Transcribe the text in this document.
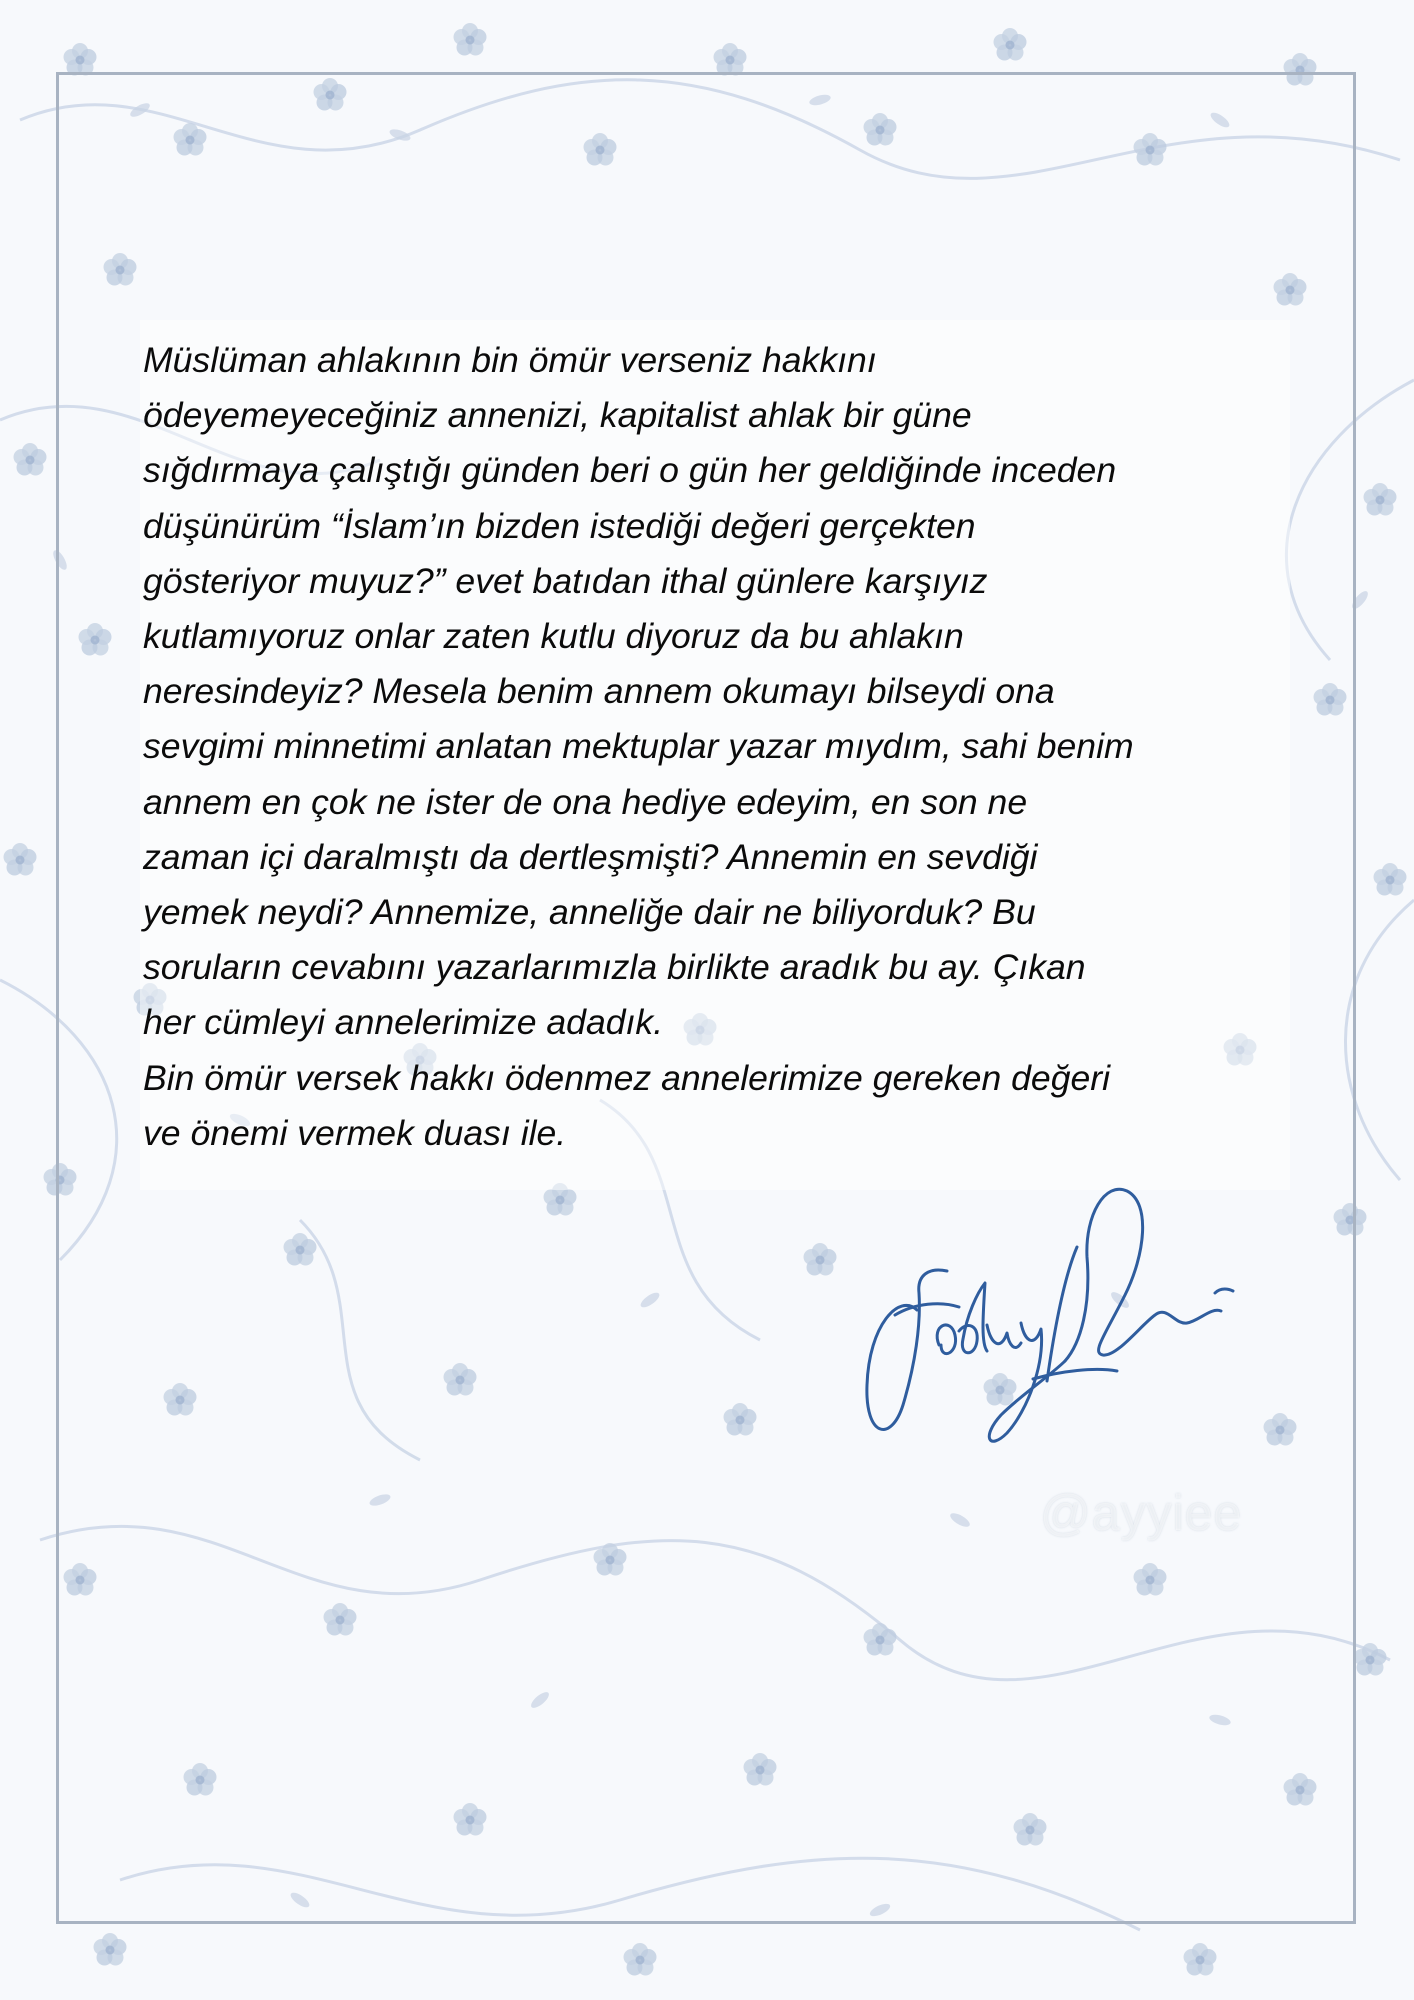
Müslüman ahlakının bin ömür verseniz hakkını
ödeyemeyeceğiniz annenizi, kapitalist ahlak bir güne
sığdırmaya çalıştığı günden beri o gün her geldiğinde inceden
düşünürüm “İslam’ın bizden istediği değeri gerçekten
gösteriyor muyuz?” evet batıdan ithal günlere karşıyız
kutlamıyoruz onlar zaten kutlu diyoruz da bu ahlakın
neresindeyiz? Mesela benim annem okumayı bilseydi ona
sevgimi minnetimi anlatan mektuplar yazar mıydım, sahi benim
annem en çok ne ister de ona hediye edeyim, en son ne
zaman içi daralmıştı da dertleşmişti? Annemin en sevdiği
yemek neydi? Annemize, anneliğe dair ne biliyorduk? Bu
soruların cevabını yazarlarımızla birlikte aradık bu ay. Çıkan
her cümleyi annelerimize adadık.
Bin ömür versek hakkı ödenmez annelerimize gereken değeri
ve önemi vermek duası ile.
@ayyiee
